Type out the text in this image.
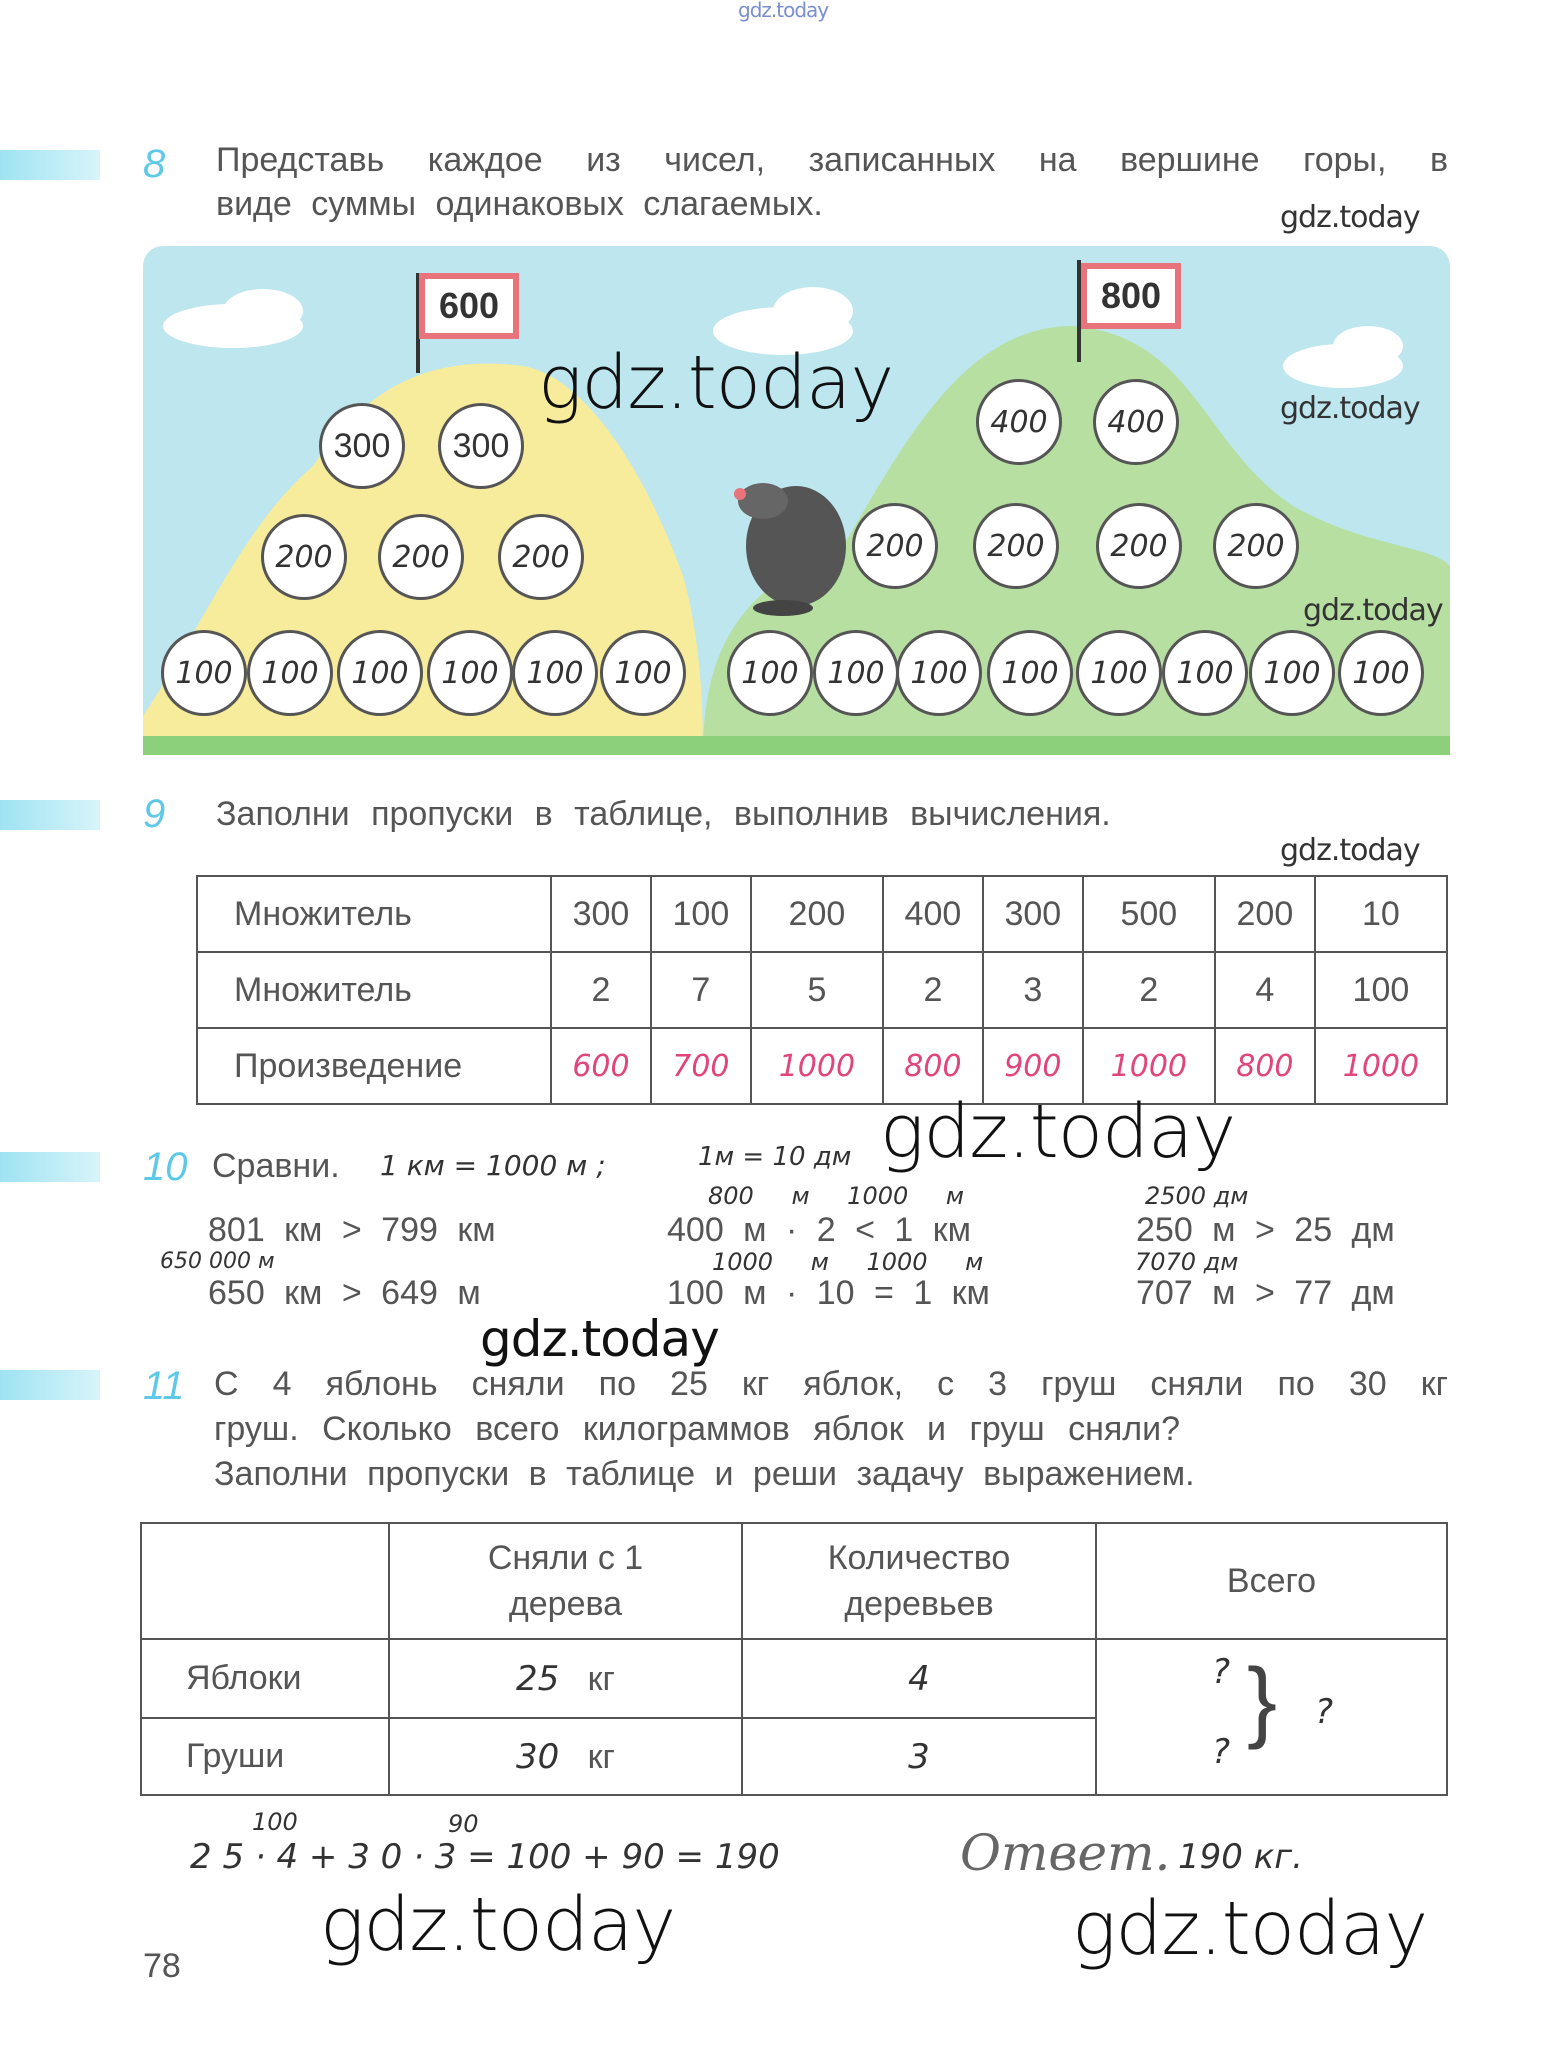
gdz.today
8 Представь каждое из чисел, записанных на вершине горы, в
виде суммы одинаковых слагаемых.	gdz.today
600	800
300	300
200	200	200
100 100	100	100 100	100
400	400
200	200	200	200
100 100 100	100	100 100 100	100
gdz.today	gdz.today
gdz.today
9 Заполни пропуски в таблице, выполнив вычисления.
gdz.today
Множитель	300	100	200	400	300	500	200	10
Множитель	2	7	5	2	3	2	4	100
Произведение	600	700	1000	800	900	1000	800	1000
10 Сравни. 1 км = 1000 м ;	1м = 10 дм gdz.today
801 км > 799 км
650 000 м
650 км > 649 м
800 м 1000 м
400 м · 2 < 1 км
1000 м 1000 м
100 м · 10 = 1 км
2500 дм
250 м > 25 дм
7070 дм
707 м > 77 дм
gdz.today
11 С 4 яблонь сняли по 25 кг яблок, с 3 груш сняли по 30 кг
груш. Сколько всего килограммов яблок и груш сняли?
Заполни пропуски в таблице и реши задачу выражением.
	Сняли с 1 дерева	Количество деревьев	Всего
Яблоки	25 кг	4	?
?
} ?

Груши	30 кг	3	
100	90
2 5 · 4 + 3 0 · 3 = 100 + 90 = 190	Ответ. 190 кг.
gdz.today	gdz.today
78
